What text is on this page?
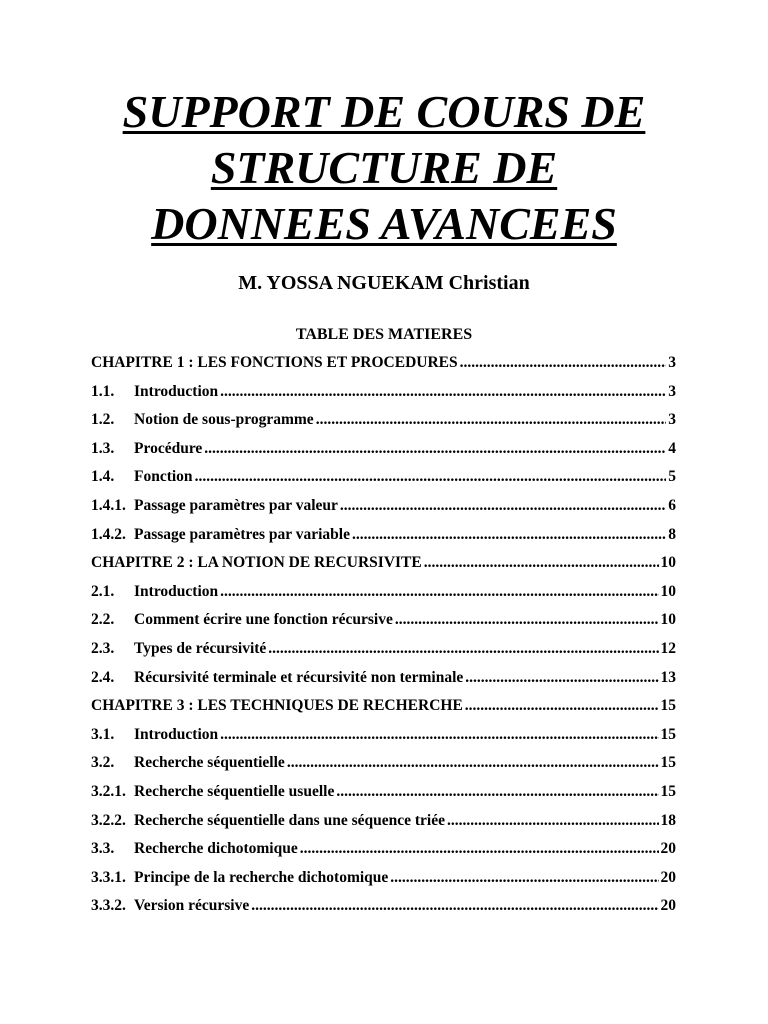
SUPPORT DE COURS DE
STRUCTURE DE
DONNEES AVANCEES
M. YOSSA NGUEKAM Christian
TABLE DES MATIERES
CHAPITRE 1 : LES FONCTIONS ET PROCEDURES .....	3
1.1.	Introduction .....	3
1.2.	Notion de sous-programme .....	3
1.3.	Procédure .....	4
1.4.	Fonction .....	5
1.4.1. Passage paramètres par valeur .....	6
1.4.2. Passage paramètres par variable .....	8
CHAPITRE 2 : LA NOTION DE RECURSIVITE .....	10
2.1.	Introduction .....	10
2.2.	Comment écrire une fonction récursive .....	10
2.3.	Types de récursivité .....	12
2.4.	Récursivité terminale et récursivité non terminale .....	13
CHAPITRE 3 : LES TECHNIQUES DE RECHERCHE .....	15
3.1.	Introduction .....	15
3.2.	Recherche séquentielle .....	15
3.2.1. Recherche séquentielle usuelle .....	15
3.2.2. Recherche séquentielle dans une séquence triée .....	18
3.3.	Recherche dichotomique .....	20
3.3.1. Principe de la recherche dichotomique .....	20
3.3.2. Version récursive .....	20
